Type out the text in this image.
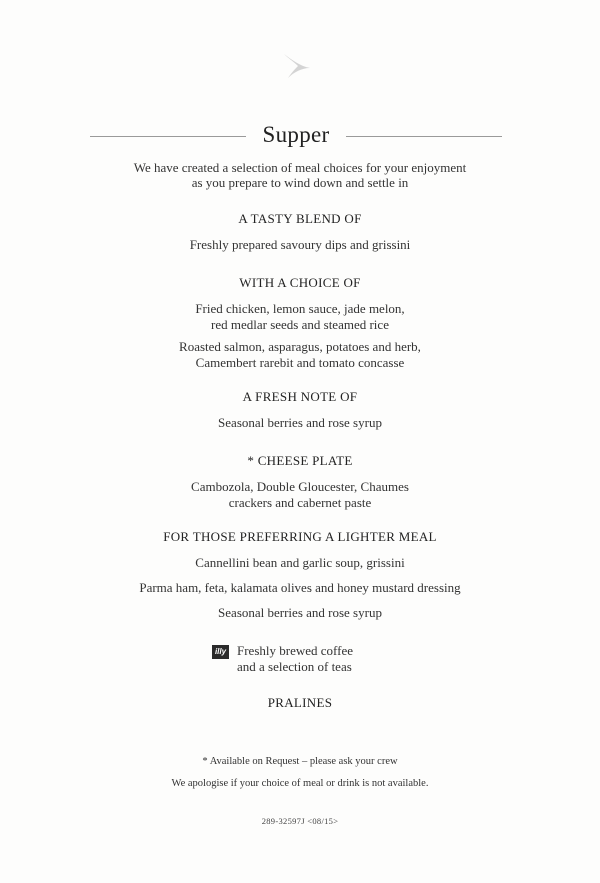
Supper
We have created a selection of meal choices for your enjoyment
as you prepare to wind down and settle in
A TASTY BLEND OF
Freshly prepared savoury dips and grissini
WITH A CHOICE OF
Fried chicken, lemon sauce, jade melon,
red medlar seeds and steamed rice
Roasted salmon, asparagus, potatoes and herb,
Camembert rarebit and tomato concasse
A FRESH NOTE OF
Seasonal berries and rose syrup
* CHEESE PLATE
Cambozola, Double Gloucester, Chaumes
crackers and cabernet paste
FOR THOSE PREFERRING A LIGHTER MEAL
Cannellini bean and garlic soup, grissini
Parma ham, feta, kalamata olives and honey mustard dressing
Seasonal berries and rose syrup
illy Freshly brewed coffee
and a selection of teas
PRALINES
* Available on Request – please ask your crew
We apologise if your choice of meal or drink is not available.
289-32597J <08/15>
